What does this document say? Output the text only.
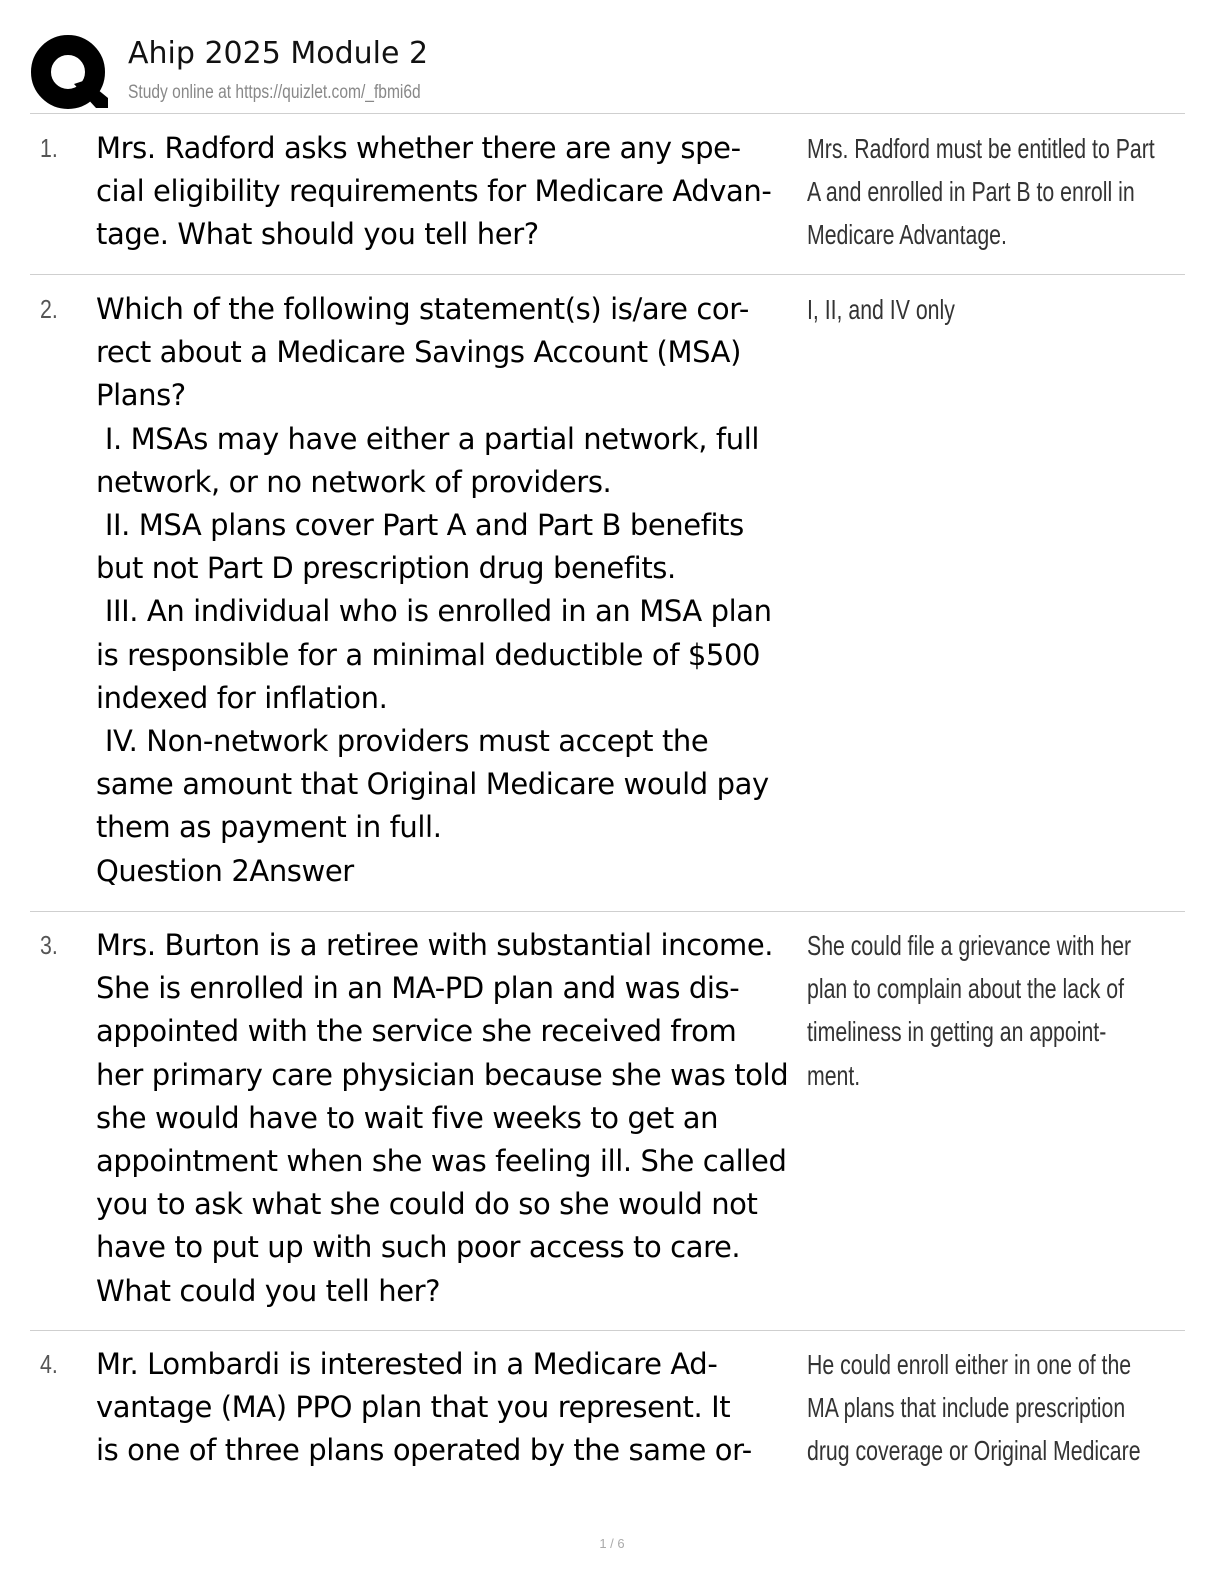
Ahip 2025 Module 2
Study online at https://quizlet.com/_fbmi6d
1. Mrs. Radford asks whether there are any spe-
cial eligibility requirements for Medicare Advan-
tage. What should you tell her?
Mrs. Radford must be entitled to Part
A and enrolled in Part B to enroll in
Medicare Advantage.
2. Which of the following statement(s) is/are cor-
rect about a Medicare Savings Account (MSA)
Plans?
I. MSAs may have either a partial network, full
network, or no network of providers.
II. MSA plans cover Part A and Part B benefits
but not Part D prescription drug benefits.
III. An individual who is enrolled in an MSA plan
is responsible for a minimal deductible of $500
indexed for inflation.
IV. Non-network providers must accept the
same amount that Original Medicare would pay
them as payment in full.
Question 2Answer
I, II, and IV only
3. Mrs. Burton is a retiree with substantial income.
She is enrolled in an MA-PD plan and was dis-
appointed with the service she received from
her primary care physician because she was told
she would have to wait five weeks to get an
appointment when she was feeling ill. She called
you to ask what she could do so she would not
have to put up with such poor access to care.
What could you tell her?
She could file a grievance with her
plan to complain about the lack of
timeliness in getting an appoint-
ment.
4. Mr. Lombardi is interested in a Medicare Ad-
vantage (MA) PPO plan that you represent. It
is one of three plans operated by the same or-
He could enroll either in one of the
MA plans that include prescription
drug coverage or Original Medicare
1 / 6
